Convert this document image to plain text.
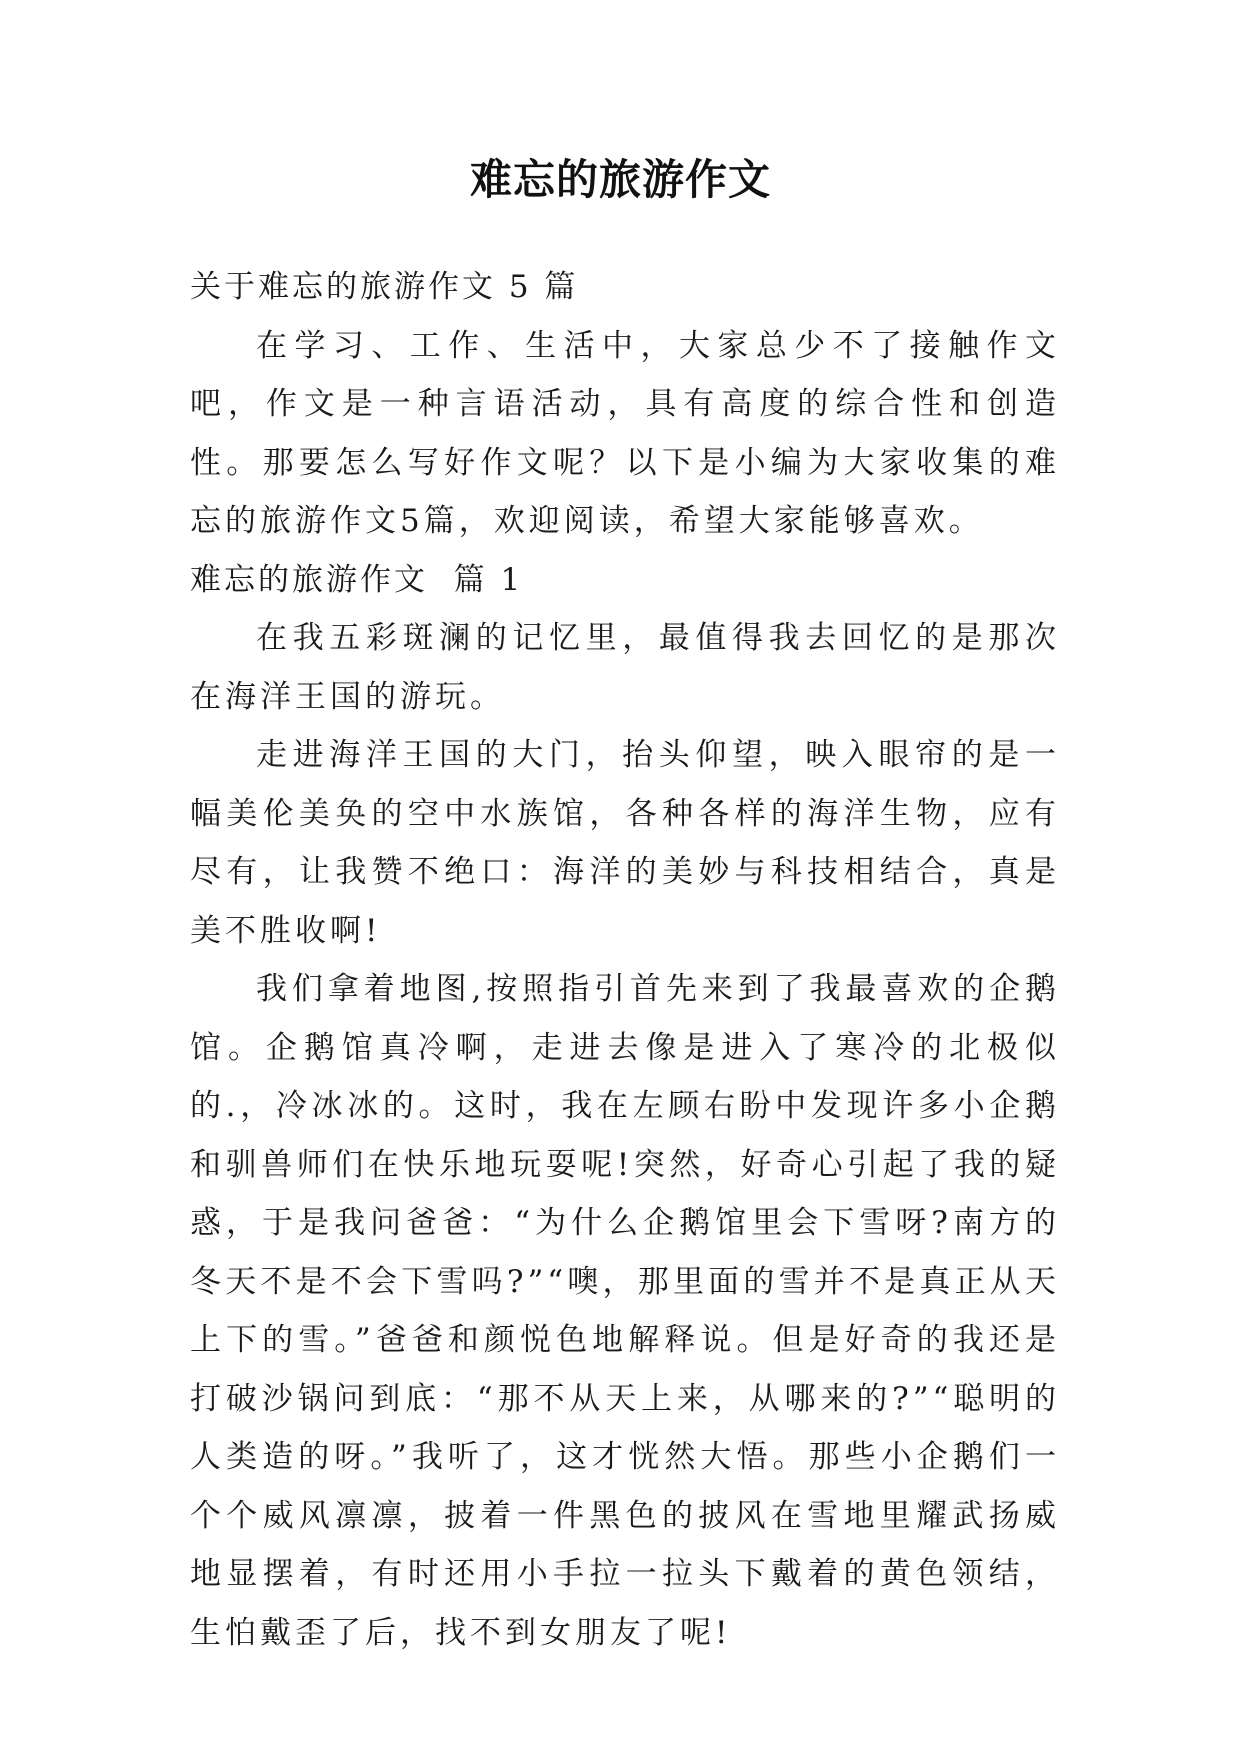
难忘的旅游作文

关于难忘的旅游作文 5 篇

在学习、工作、生活中，大家总少不了接触作文吧，作文是一种言语活动，具有高度的综合性和创造性。那要怎么写好作文呢？以下是小编为大家收集的难忘的旅游作文5篇，欢迎阅读，希望大家能够喜欢。

难忘的旅游作文  篇 1

在我五彩斑澜的记忆里，最值得我去回忆的是那次在海洋王国的游玩。

走进海洋王国的大门，抬头仰望，映入眼帘的是一幅美伦美奂的空中水族馆，各种各样的海洋生物，应有尽有，让我赞不绝口：海洋的美妙与科技相结合，真是美不胜收啊!

我们拿着地图,按照指引首先来到了我最喜欢的企鹅馆。企鹅馆真冷啊，走进去像是进入了寒冷的北极似的.，冷冰冰的。这时，我在左顾右盼中发现许多小企鹅和驯兽师们在快乐地玩耍呢!突然，好奇心引起了我的疑惑，于是我问爸爸：“为什么企鹅馆里会下雪呀?南方的冬天不是不会下雪吗?”“噢，那里面的雪并不是真正从天上下的雪。”爸爸和颜悦色地解释说。但是好奇的我还是打破沙锅问到底：“那不从天上来，从哪来的?”“聪明的人类造的呀。”我听了，这才恍然大悟。那些小企鹅们一个个威风凛凛，披着一件黑色的披风在雪地里耀武扬威地显摆着，有时还用小手拉一拉头下戴着的黄色领结，生怕戴歪了后，找不到女朋友了呢!
